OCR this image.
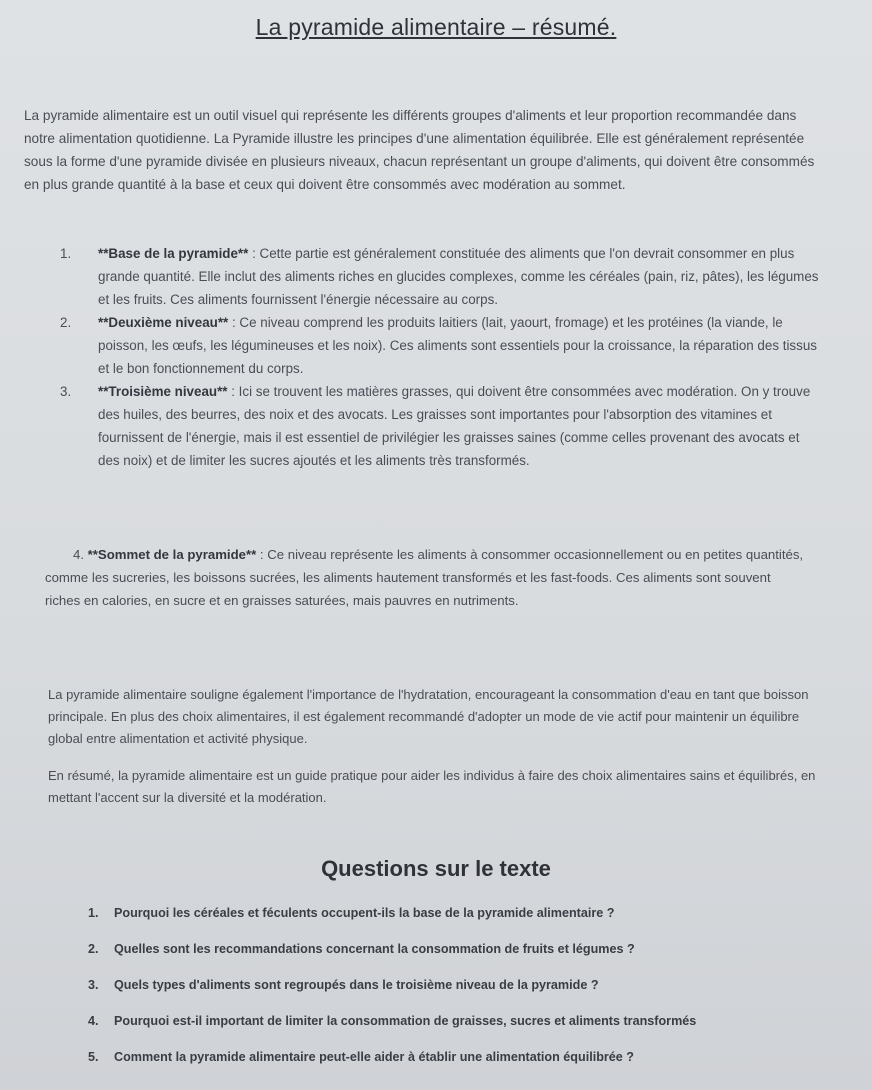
La pyramide alimentaire – résumé.
La pyramide alimentaire est un outil visuel qui représente les différents groupes d'aliments et leur proportion recommandée dans notre alimentation quotidienne. La Pyramide illustre les principes d'une alimentation équilibrée. Elle est généralement représentée sous la forme d'une pyramide divisée en plusieurs niveaux, chacun représentant un groupe d'aliments, qui doivent être consommés en plus grande quantité à la base et ceux qui doivent être consommés avec modération au sommet.
1. **Base de la pyramide** : Cette partie est généralement constituée des aliments que l'on devrait consommer en plus grande quantité. Elle inclut des aliments riches en glucides complexes, comme les céréales (pain, riz, pâtes), les légumes et les fruits. Ces aliments fournissent l'énergie nécessaire au corps.
2. **Deuxième niveau** : Ce niveau comprend les produits laitiers (lait, yaourt, fromage) et les protéines (la viande, le poisson, les œufs, les légumineuses et les noix). Ces aliments sont essentiels pour la croissance, la réparation des tissus et le bon fonctionnement du corps.
3. **Troisième niveau** : Ici se trouvent les matières grasses, qui doivent être consommées avec modération. On y trouve des huiles, des beurres, des noix et des avocats. Les graisses sont importantes pour l'absorption des vitamines et fournissent de l'énergie, mais il est essentiel de privilégier les graisses saines (comme celles provenant des avocats et des noix) et de limiter les sucres ajoutés et les aliments très transformés.
4. **Sommet de la pyramide** : Ce niveau représente les aliments à consommer occasionnellement ou en petites quantités, comme les sucreries, les boissons sucrées, les aliments hautement transformés et les fast-foods. Ces aliments sont souvent riches en calories, en sucre et en graisses saturées, mais pauvres en nutriments.
La pyramide alimentaire souligne également l'importance de l'hydratation, encourageant la consommation d'eau en tant que boisson principale. En plus des choix alimentaires, il est également recommandé d'adopter un mode de vie actif pour maintenir un équilibre global entre alimentation et activité physique.
En résumé, la pyramide alimentaire est un guide pratique pour aider les individus à faire des choix alimentaires sains et équilibrés, en mettant l'accent sur la diversité et la modération.
Questions sur le texte
1. Pourquoi les céréales et féculents occupent-ils la base de la pyramide alimentaire ?
2. Quelles sont les recommandations concernant la consommation de fruits et légumes ?
3. Quels types d'aliments sont regroupés dans le troisième niveau de la pyramide ?
4. Pourquoi est-il important de limiter la consommation de graisses, sucres et aliments transformés
5. Comment la pyramide alimentaire peut-elle aider à établir une alimentation équilibrée ?
